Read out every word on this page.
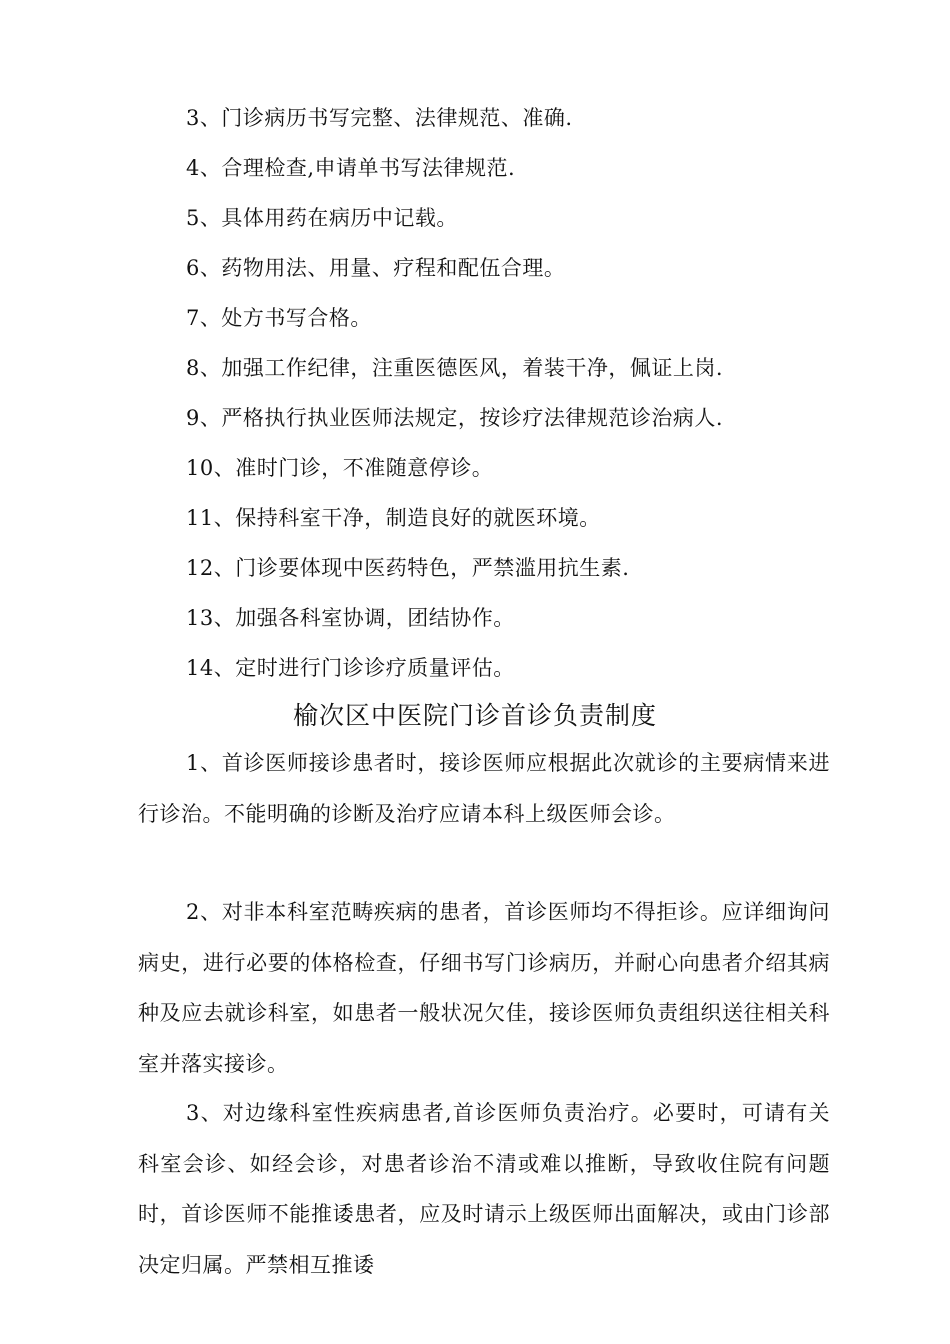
3、门诊病历书写完整、法律规范、准确.
4、合理检查,申请单书写法律规范.
5、具体用药在病历中记载。
6、药物用法、用量、疗程和配伍合理。
7、处方书写合格。
8、加强工作纪律，注重医德医风，着装干净，佩证上岗.
9、严格执行执业医师法规定，按诊疗法律规范诊治病人.
10、准时门诊，不准随意停诊。
11、保持科室干净，制造良好的就医环境。
12、门诊要体现中医药特色，严禁滥用抗生素.
13、加强各科室协调，团结协作。
14、定时进行门诊诊疗质量评估。
榆次区中医院门诊首诊负责制度

1、首诊医师接诊患者时，接诊医师应根据此次就诊的主要病情来进行诊治。不能明确的诊断及治疗应请本科上级医师会诊。

2、对非本科室范畴疾病的患者，首诊医师均不得拒诊。应详细询问病史，进行必要的体格检查，仔细书写门诊病历，并耐心向患者介绍其病种及应去就诊科室，如患者一般状况欠佳，接诊医师负责组织送往相关科室并落实接诊。

3、对边缘科室性疾病患者,首诊医师负责治疗。必要时，可请有关科室会诊、如经会诊，对患者诊治不清或难以推断，导致收住院有问题时，首诊医师不能推诿患者，应及时请示上级医师出面解决，或由门诊部决定归属。严禁相互推诿
